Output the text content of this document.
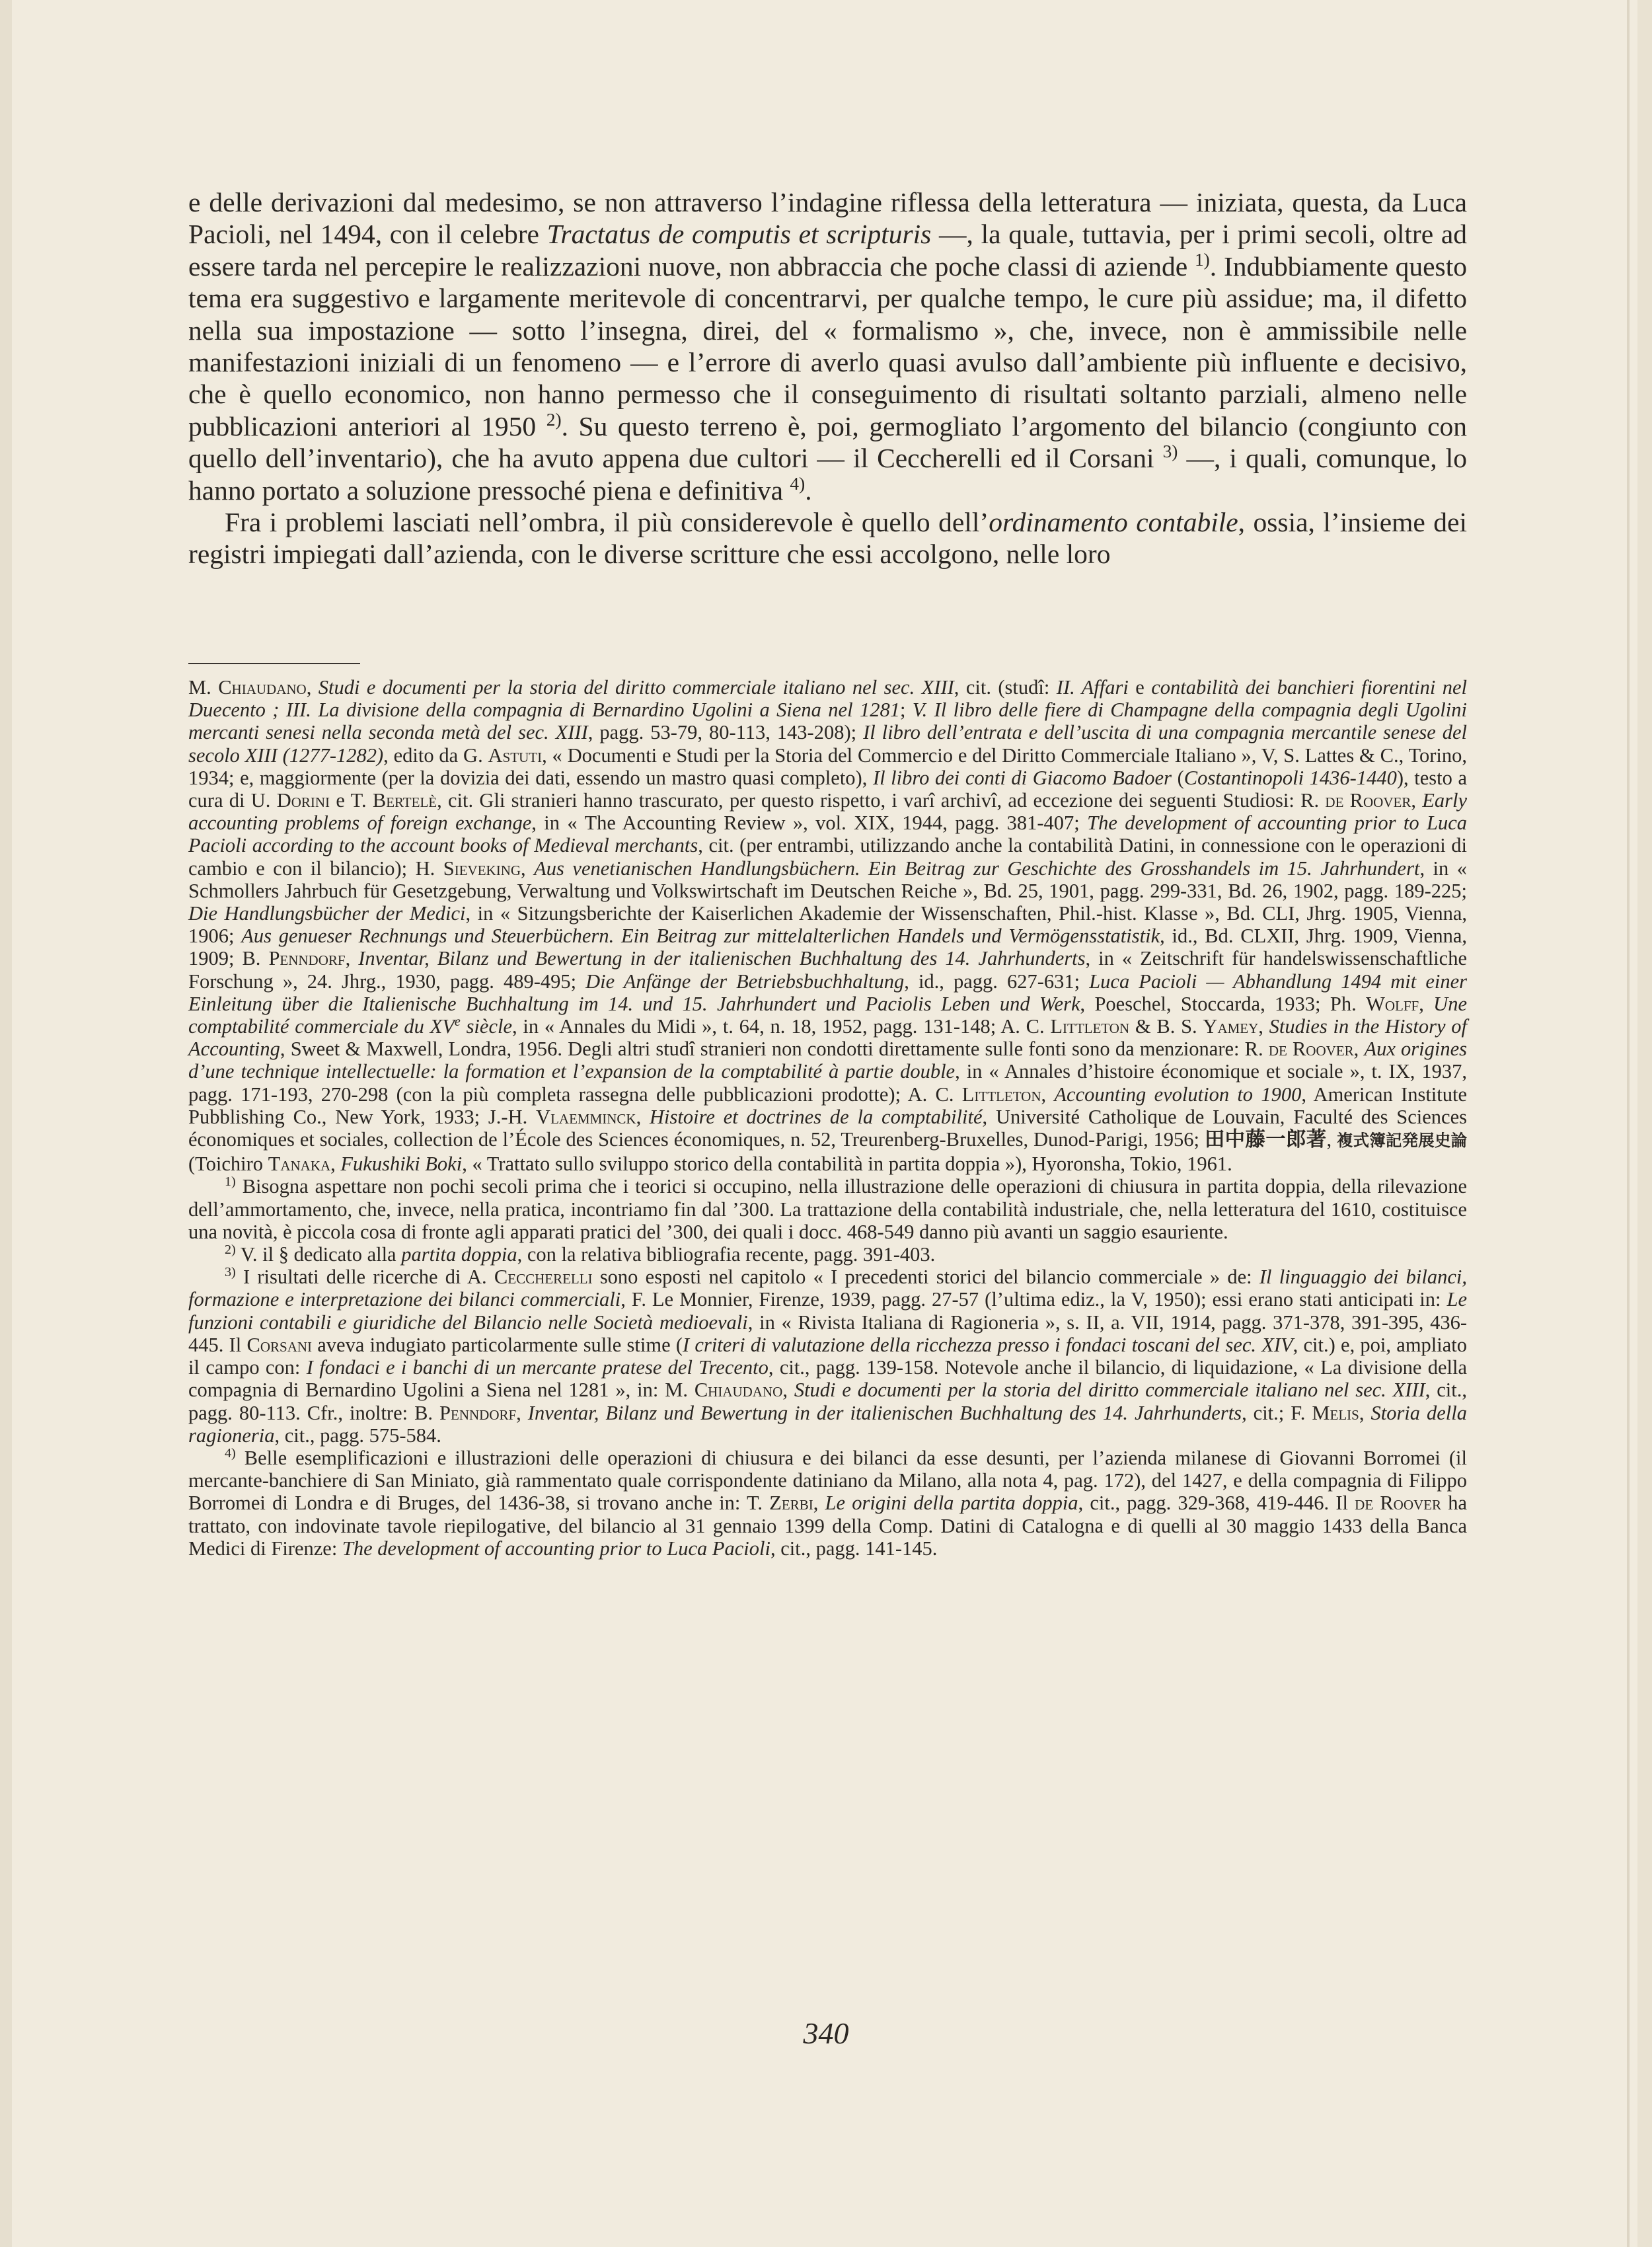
e delle derivazioni dal medesimo, se non attraverso l’indagine riflessa della letteratura — iniziata, questa, da Luca Pacioli, nel 1494, con il celebre Tractatus de computis et scripturis —, la quale, tuttavia, per i primi secoli, oltre ad essere tarda nel percepire le realizzazioni nuove, non abbraccia che poche classi di aziende $^{1)}$. Indubbiamente questo tema era suggestivo e largamente meritevole di concentrarvi, per qualche tempo, le cure più assidue; ma, il difetto nella sua impostazione — sotto l’insegna, direi, del « formalismo », che, invece, non è ammissibile nelle manifestazioni iniziali di un fenomeno — e l’errore di averlo quasi avulso dall’ambiente più influente e decisivo, che è quello economico, non hanno permesso che il conseguimento di risultati soltanto parziali, almeno nelle pubblicazioni anteriori al 1950 $^{2)}$. Su questo terreno è, poi, germogliato l’argomento del bilancio (congiunto con quello dell’inventario), che ha avuto appena due cultori — il Ceccherelli ed il Corsani $^{3)}$ —, i quali, comunque, lo hanno portato a soluzione pressoché piena e definitiva $^{4)}$.

Fra i problemi lasciati nell’ombra, il più considerevole è quello dell’ordinamento contabile, ossia, l’insieme dei registri impiegati dall’azienda, con le diverse scritture che essi accolgono, nelle loro

M. Chiaudano, Studi e documenti per la storia del diritto commerciale italiano nel sec. XIII, cit. (studî: II. Affari e contabilità dei banchieri fiorentini nel Duecento ; III. La divisione della compagnia di Bernardino Ugolini a Siena nel 1281; V. Il libro delle fiere di Champagne della compagnia degli Ugolini mercanti senesi nella seconda metà del sec. XIII, pagg. 53-79, 80-113, 143-208); Il libro dell’entrata e dell’uscita di una compagnia mercantile senese del secolo XIII (1277-1282), edito da G. Astuti, « Documenti e Studi per la Storia del Commercio e del Diritto Commerciale Italiano », V, S. Lattes & C., Torino, 1934; e, maggiormente (per la dovizia dei dati, essendo un mastro quasi completo), Il libro dei conti di Giacomo Badoer (Costantinopoli 1436-1440), testo a cura di U. Dorini e T. Bertelè, cit. Gli stranieri hanno trascurato, per questo rispetto, i varî archivî, ad eccezione dei seguenti Studiosi: R. de Roover, Early accounting problems of foreign exchange, in « The Accounting Review », vol. XIX, 1944, pagg. 381-407; The development of accounting prior to Luca Pacioli according to the account books of Medieval merchants, cit. (per entrambi, utilizzando anche la contabilità Datini, in connessione con le operazioni di cambio e con il bilancio); H. Sieveking, Aus venetianischen Handlungsbüchern. Ein Beitrag zur Geschichte des Grosshandels im 15. Jahrhundert, in « Schmollers Jahrbuch für Gesetzgebung, Verwaltung und Volkswirtschaft im Deutschen Reiche », Bd. 25, 1901, pagg. 299-331, Bd. 26, 1902, pagg. 189-225; Die Handlungsbücher der Medici, in « Sitzungsberichte der Kaiserlichen Akademie der Wissenschaften, Phil.-hist. Klasse », Bd. CLI, Jhrg. 1905, Vienna, 1906; Aus genueser Rechnungs und Steuerbüchern. Ein Beitrag zur mittelalterlichen Handels und Vermögensstatistik, id., Bd. CLXII, Jhrg. 1909, Vienna, 1909; B. Penndorf, Inventar, Bilanz und Bewertung in der italienischen Buchhaltung des 14. Jahrhunderts, in « Zeitschrift für handelswissenschaftliche Forschung », 24. Jhrg., 1930, pagg. 489-495; Die Anfänge der Betriebsbuchhaltung, id., pagg. 627-631; Luca Pacioli — Abhandlung 1494 mit einer Einleitung über die Italienische Buchhaltung im 14. und 15. Jahrhundert und Paciolis Leben und Werk, Poeschel, Stoccarda, 1933; Ph. Wolff, Une comptabilité commerciale du XVe siècle, in « Annales du Midi », t. 64, n. 18, 1952, pagg. 131-148; A. C. Littleton & B. S. Yamey, Studies in the History of Accounting, Sweet & Maxwell, Londra, 1956. Degli altri studî stranieri non condotti direttamente sulle fonti sono da menzionare: R. de Roover, Aux origines d’une technique intellectuelle: la formation et l’expansion de la comptabilité à partie double, in « Annales d’histoire économique et sociale », t. IX, 1937, pagg. 171-193, 270-298 (con la più completa rassegna delle pubblicazioni prodotte); A. C. Littleton, Accounting evolution to 1900, American Institute Pubblishing Co., New York, 1933; J.-H. Vlaemminck, Histoire et doctrines de la comptabilité, Université Catholique de Louvain, Faculté des Sciences économiques et sociales, collection de l’École des Sciences économiques, n. 52, Treurenberg-Bruxelles, Dunod-Parigi, 1956; 田中藤一郎著, 複式簿記発展史論 (Toichiro Tanaka, Fukushiki Boki, « Trattato sullo sviluppo storico della contabilità in partita doppia »), Hyoronsha, Tokio, 1961.

$^{1)}$ Bisogna aspettare non pochi secoli prima che i teorici si occupino, nella illustrazione delle operazioni di chiusura in partita doppia, della rilevazione dell’ammortamento, che, invece, nella pratica, incontriamo fin dal ’300. La trattazione della contabilità industriale, che, nella letteratura del 1610, costituisce una novità, è piccola cosa di fronte agli apparati pratici del ’300, dei quali i docc. 468-549 danno più avanti un saggio esauriente.

$^{2)}$ V. il § dedicato alla partita doppia, con la relativa bibliografia recente, pagg. 391-403.

$^{3)}$ I risultati delle ricerche di A. Ceccherelli sono esposti nel capitolo « I precedenti storici del bilancio commerciale » de: Il linguaggio dei bilanci, formazione e interpretazione dei bilanci commerciali, F. Le Monnier, Firenze, 1939, pagg. 27-57 (l’ultima ediz., la V, 1950); essi erano stati anticipati in: Le funzioni contabili e giuridiche del Bilancio nelle Società medioevali, in « Rivista Italiana di Ragioneria », s. II, a. VII, 1914, pagg. 371-378, 391-395, 436-445. Il Corsani aveva indugiato particolarmente sulle stime (I criteri di valutazione della ricchezza presso i fondaci toscani del sec. XIV, cit.) e, poi, ampliato il campo con: I fondaci e i banchi di un mercante pratese del Trecento, cit., pagg. 139-158. Notevole anche il bilancio, di liquidazione, « La divisione della compagnia di Bernardino Ugolini a Siena nel 1281 », in: M. Chiaudano, Studi e documenti per la storia del diritto commerciale italiano nel sec. XIII, cit., pagg. 80-113. Cfr., inoltre: B. Penndorf, Inventar, Bilanz und Bewertung in der italienischen Buchhaltung des 14. Jahrhunderts, cit.; F. Melis, Storia della ragioneria, cit., pagg. 575-584.

$^{4)}$ Belle esemplificazioni e illustrazioni delle operazioni di chiusura e dei bilanci da esse desunti, per l’azienda milanese di Giovanni Borromei (il mercante-banchiere di San Miniato, già rammentato quale corrispondente datiniano da Milano, alla nota 4, pag. 172), del 1427, e della compagnia di Filippo Borromei di Londra e di Bruges, del 1436-38, si trovano anche in: T. Zerbi, Le origini della partita doppia, cit., pagg. 329-368, 419-446. Il de Roover ha trattato, con indovinate tavole riepilogative, del bilancio al 31 gennaio 1399 della Comp. Datini di Catalogna e di quelli al 30 maggio 1433 della Banca Medici di Firenze: The development of accounting prior to Luca Pacioli, cit., pagg. 141-145.

340
